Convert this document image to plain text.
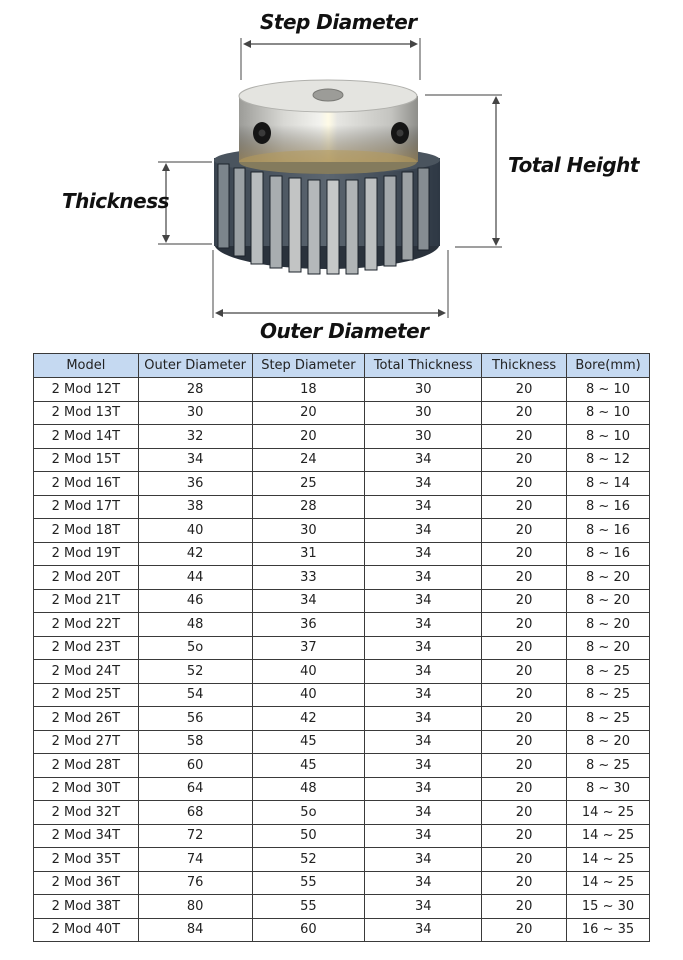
Step Diameter
Total Height
Thickness
Outer Diameter
Model	Outer Diameter	Step Diameter	Total Thickness	Thickness	Bore(mm)
2 Mod 12T	28	18	30	20	8 ~ 10
2 Mod 13T	30	20	30	20	8 ~ 10
2 Mod 14T	32	20	30	20	8 ~ 10
2 Mod 15T	34	24	34	20	8 ~ 12
2 Mod 16T	36	25	34	20	8 ~ 14
2 Mod 17T	38	28	34	20	8 ~ 16
2 Mod 18T	40	30	34	20	8 ~ 16
2 Mod 19T	42	31	34	20	8 ~ 16
2 Mod 20T	44	33	34	20	8 ~ 20
2 Mod 21T	46	34	34	20	8 ~ 20
2 Mod 22T	48	36	34	20	8 ~ 20
2 Mod 23T	5o	37	34	20	8 ~ 20
2 Mod 24T	52	40	34	20	8 ~ 25
2 Mod 25T	54	40	34	20	8 ~ 25
2 Mod 26T	56	42	34	20	8 ~ 25
2 Mod 27T	58	45	34	20	8 ~ 20
2 Mod 28T	60	45	34	20	8 ~ 25
2 Mod 30T	64	48	34	20	8 ~ 30
2 Mod 32T	68	5o	34	20	14 ~ 25
2 Mod 34T	72	50	34	20	14 ~ 25
2 Mod 35T	74	52	34	20	14 ~ 25
2 Mod 36T	76	55	34	20	14 ~ 25
2 Mod 38T	80	55	34	20	15 ~ 30
2 Mod 40T	84	60	34	20	16 ~ 35
